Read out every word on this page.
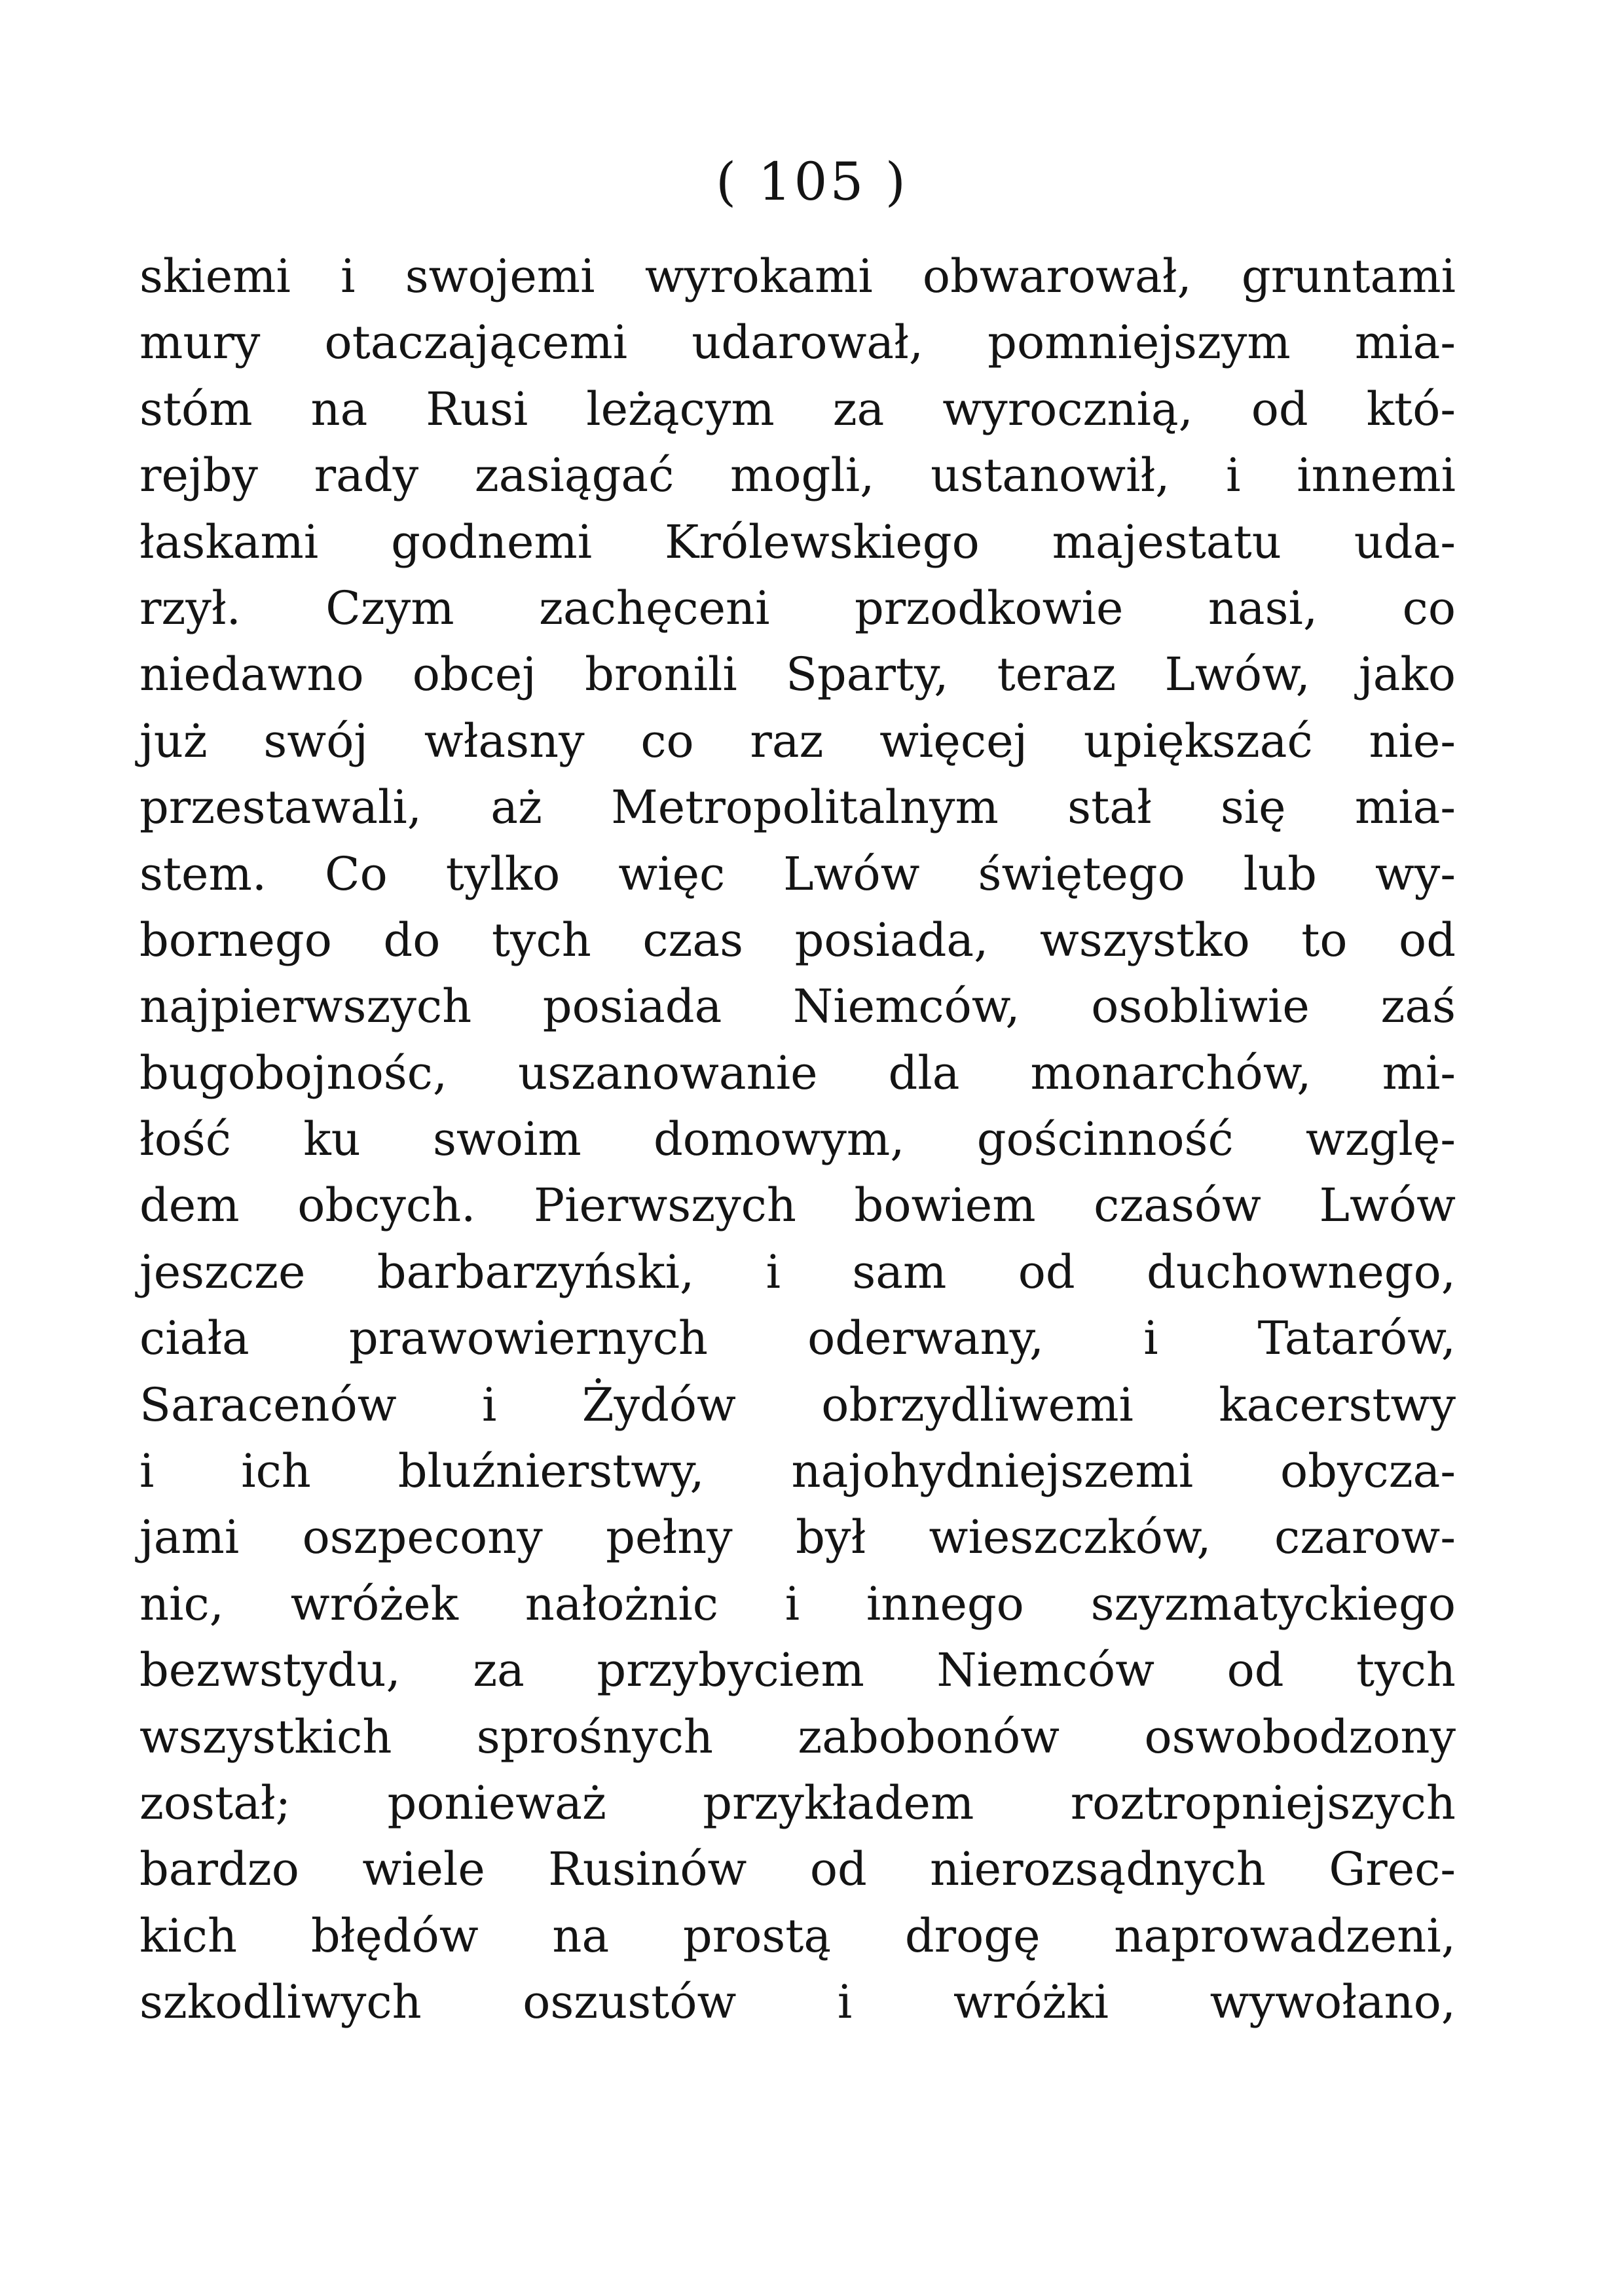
( 105 )
skiemi i swojemi wyrokami obwarował, gruntami
mury otaczającemi udarował, pomniejszym mia-
stóm na Rusi leżącym za wyrocznią, od któ-
rejby rady zasiągać mogli, ustanowił, i innemi
łaskami godnemi Królewskiego majestatu uda-
rzył. Czym zachęceni przodkowie nasi, co
niedawno obcej bronili Sparty, teraz Lwów, jako
już swój własny co raz więcej upiększać nie-
przestawali, aż Metropolitalnym stał się mia-
stem. Co tylko więc Lwów świętego lub wy-
bornego do tych czas posiada, wszystko to od
najpierwszych posiada Niemców, osobliwie zaś
bugobojnośc, uszanowanie dla monarchów, mi-
łość ku swoim domowym, gościnność wzglę-
dem obcych. Pierwszych bowiem czasów Lwów
jeszcze barbarzyński, i sam od duchownego,
ciała prawowiernych oderwany, i Tatarów,
Saracenów i Żydów obrzydliwemi kacerstwy
i ich bluźnierstwy, najohydniejszemi obycza-
jami oszpecony pełny był wieszczków, czarow-
nic, wróżek nałożnic i innego szyzmatyckiego
bezwstydu, za przybyciem Niemców od tych
wszystkich sprośnych zabobonów oswobodzony
został; ponieważ przykładem roztropniejszych
bardzo wiele Rusinów od nierozsądnych Grec-
kich błędów na prostą drogę naprowadzeni,
szkodliwych oszustów i wróżki wywołano,
